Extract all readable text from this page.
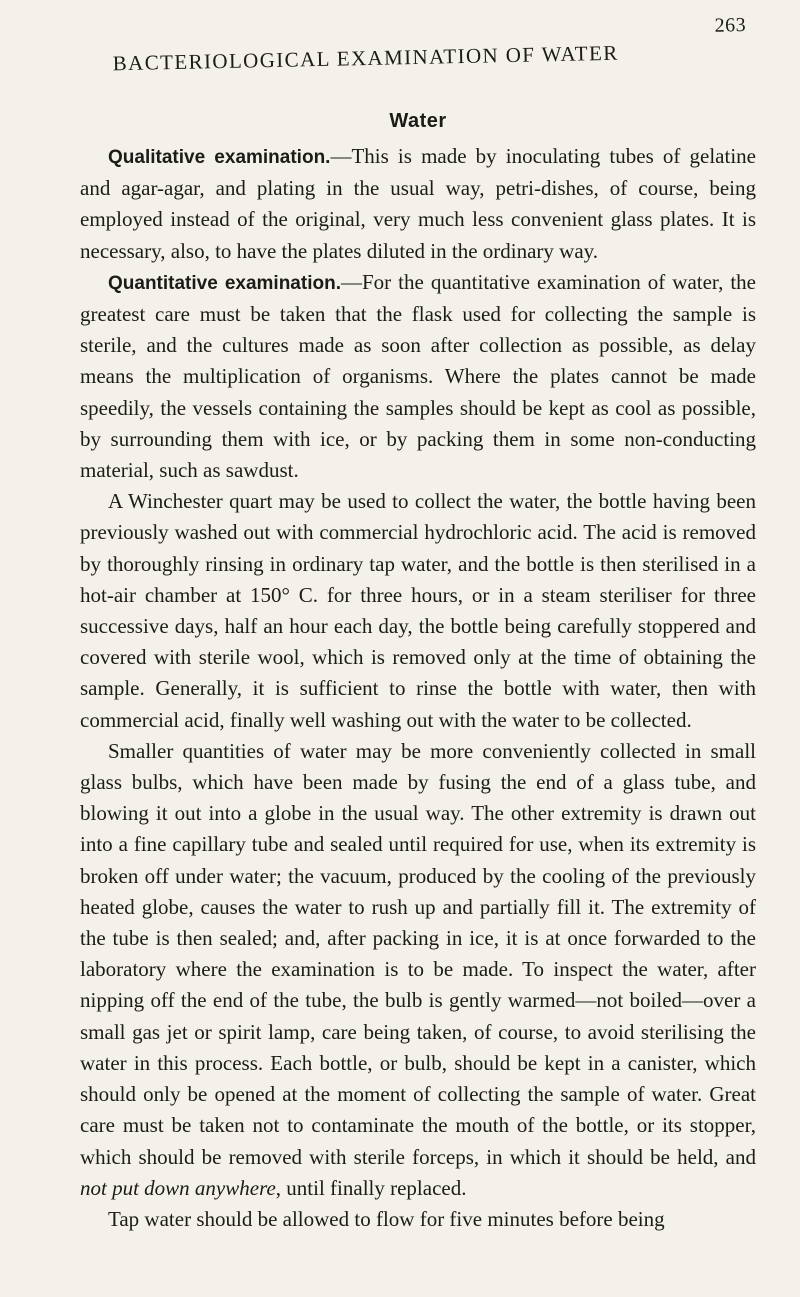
BACTERIOLOGICAL EXAMINATION OF WATER
263
Water

Qualitative examination.—This is made by inoculating tubes of gelatine and agar-agar, and plating in the usual way, petri-dishes, of course, being employed instead of the original, very much less convenient glass plates. It is necessary, also, to have the plates diluted in the ordinary way.

Quantitative examination.—For the quantitative examination of water, the greatest care must be taken that the flask used for collecting the sample is sterile, and the cultures made as soon after collection as possible, as delay means the multiplication of organisms. Where the plates cannot be made speedily, the vessels containing the samples should be kept as cool as possible, by surrounding them with ice, or by packing them in some non-conducting material, such as sawdust.

A Winchester quart may be used to collect the water, the bottle having been previously washed out with commercial hydrochloric acid. The acid is removed by thoroughly rinsing in ordinary tap water, and the bottle is then sterilised in a hot-air chamber at 150° C. for three hours, or in a steam steriliser for three successive days, half an hour each day, the bottle being carefully stoppered and covered with sterile wool, which is removed only at the time of obtaining the sample. Generally, it is sufficient to rinse the bottle with water, then with commercial acid, finally well washing out with the water to be collected.

Smaller quantities of water may be more conveniently collected in small glass bulbs, which have been made by fusing the end of a glass tube, and blowing it out into a globe in the usual way. The other extremity is drawn out into a fine capillary tube and sealed until required for use, when its extremity is broken off under water; the vacuum, produced by the cooling of the previously heated globe, causes the water to rush up and partially fill it. The extremity of the tube is then sealed; and, after packing in ice, it is at once forwarded to the laboratory where the examination is to be made. To inspect the water, after nipping off the end of the tube, the bulb is gently warmed—not boiled—over a small gas jet or spirit lamp, care being taken, of course, to avoid sterilising the water in this process. Each bottle, or bulb, should be kept in a canister, which should only be opened at the moment of collecting the sample of water. Great care must be taken not to contaminate the mouth of the bottle, or its stopper, which should be removed with sterile forceps, in which it should be held, and not put down anywhere, until finally replaced.

Tap water should be allowed to flow for five minutes before being
